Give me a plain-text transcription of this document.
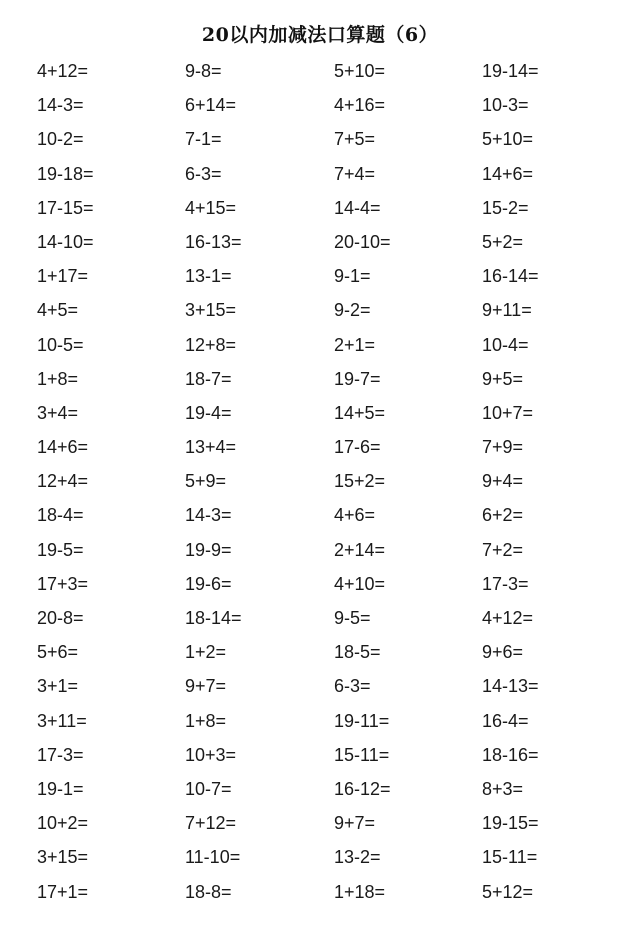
20以内加减法口算题（6）
4+12=	9-8=	5+10=	19-14=
14-3=	6+14=	4+16=	10-3=
10-2=	7-1=	7+5=	5+10=
19-18=	6-3=	7+4=	14+6=
17-15=	4+15=	14-4=	15-2=
14-10=	16-13=	20-10=	5+2=
1+17=	13-1=	9-1=	16-14=
4+5=	3+15=	9-2=	9+11=
10-5=	12+8=	2+1=	10-4=
1+8=	18-7=	19-7=	9+5=
3+4=	19-4=	14+5=	10+7=
14+6=	13+4=	17-6=	7+9=
12+4=	5+9=	15+2=	9+4=
18-4=	14-3=	4+6=	6+2=
19-5=	19-9=	2+14=	7+2=
17+3=	19-6=	4+10=	17-3=
20-8=	18-14=	9-5=	4+12=
5+6=	1+2=	18-5=	9+6=
3+1=	9+7=	6-3=	14-13=
3+11=	1+8=	19-11=	16-4=
17-3=	10+3=	15-11=	18-16=
19-1=	10-7=	16-12=	8+3=
10+2=	7+12=	9+7=	19-15=
3+15=	11-10=	13-2=	15-11=
17+1=	18-8=	1+18=	5+12=
